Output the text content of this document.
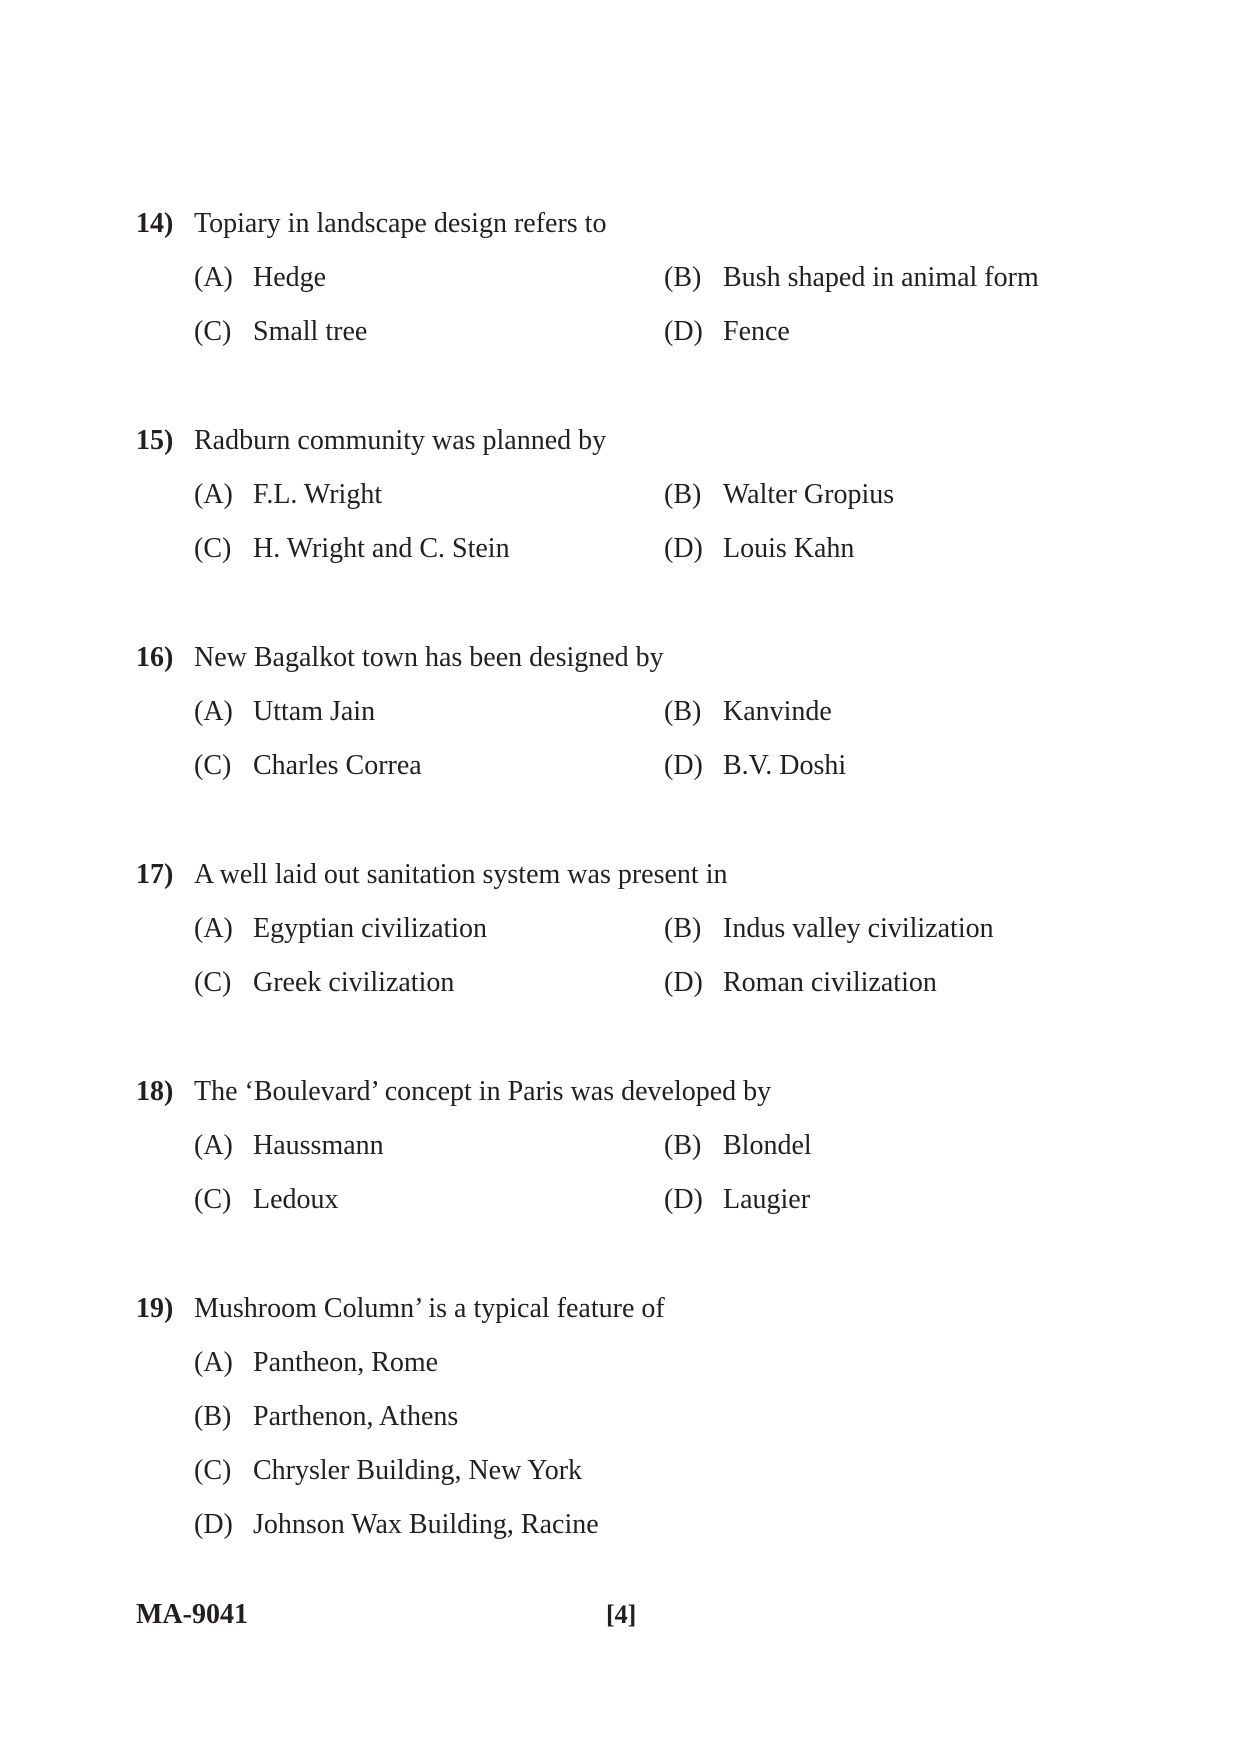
14) Topiary in landscape design refers to
(A) Hedge	(B) Bush shaped in animal form
(C) Small tree	(D) Fence
15) Radburn community was planned by
(A) F.L. Wright	(B) Walter Gropius
(C) H. Wright and C. Stein	(D) Louis Kahn
16) New Bagalkot town has been designed by
(A) Uttam Jain	(B) Kanvinde
(C) Charles Correa	(D) B.V. Doshi
17) A well laid out sanitation system was present in
(A) Egyptian civilization	(B) Indus valley civilization
(C) Greek civilization	(D) Roman civilization
18) The ‘Boulevard’ concept in Paris was developed by
(A) Haussmann	(B) Blondel
(C) Ledoux	(D) Laugier
19) Mushroom Column’ is a typical feature of
(A) Pantheon, Rome
(B) Parthenon, Athens
(C) Chrysler Building, New York
(D) Johnson Wax Building, Racine
MA-9041	[4]
